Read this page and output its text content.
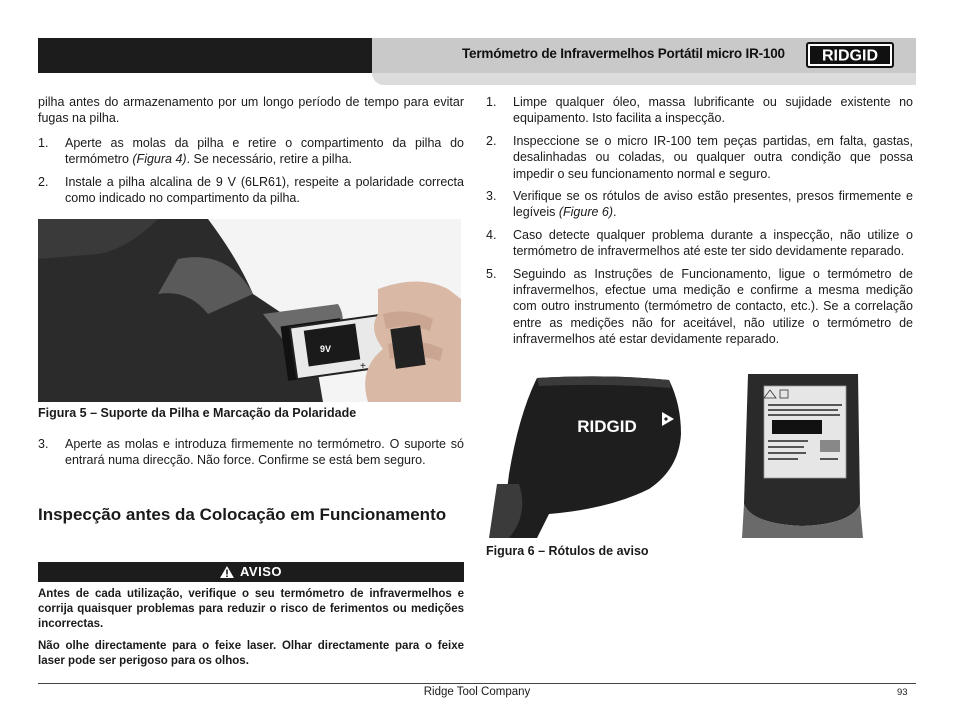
Termómetro de Infravermelhos Portátil micro IR-100 RIDGID

pilha antes do armazenamento por um longo período de tempo para evitar fugas na pilha.

1. Aperte as molas da pilha e retire o compartimento da pilha do termómetro (Figura 4). Se necessário, retire a pilha.
2. Instale a pilha alcalina de 9 V (6LR61), respeite a polaridade correcta como indicado no compartimento da pilha.
9V
+
Figura 5 – Suporte da Pilha e Marcação da Polaridade
3. Aperte as molas e introduza firmemente no termómetro. O suporte só entrará numa direcção. Não force. Confirme se está bem seguro.
Inspecção antes da Colocação em Funcionamento
AVISO

Antes de cada utilização, verifique o seu termómetro de infravermelhos e corrija quaisquer problemas para reduzir o risco de ferimentos ou medições incorrectas.

Não olhe directamente para o feixe laser. Olhar directamente para o feixe laser pode ser perigoso para os olhos.

1. Limpe qualquer óleo, massa lubrificante ou sujidade existente no equipamento. Isto facilita a inspecção.
2. Inspeccione se o micro IR-100 tem peças partidas, em falta, gastas, desalinhadas ou coladas, ou qualquer outra condição que possa impedir o seu funcionamento normal e seguro.
3. Verifique se os rótulos de aviso estão presentes, presos firmemente e legíveis (Figure 6).
4. Caso detecte qualquer problema durante a inspecção, não utilize o termómetro de infravermelhos até este ter sido devidamente reparado.
5. Seguindo as Instruções de Funcionamento, ligue o termómetro de infravermelhos, efectue uma medição e confirme a mesma medição com outro instrumento (termómetro de contacto, etc.). Se a correlação entre as medições não for aceitável, não utilize o termómetro de infravermelhos até estar devidamente reparado.
RIDGID
Figura 6 – Rótulos de aviso
Ridge Tool Company	93
